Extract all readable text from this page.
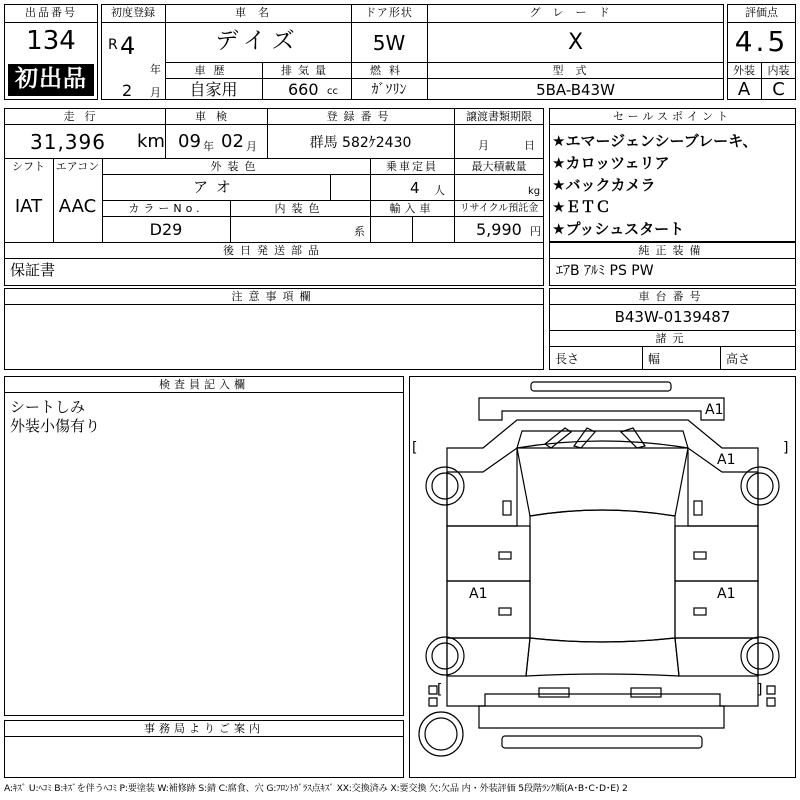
出品番号
134
初出品
初度登録
R 4
年
2 月
車名
デイズ
ドア形状
5W
グレード
X
車歴
自家用
排気量
660 cc
燃料
ｶﾞｿﾘﾝ
型式
5BA-B43W
評価点
4.5
外装	内装
A	C
走行
31,396 km
車検
09 年 02 月
登録番号
群馬 582ｹ2430
譲渡書類期限
月	日
シフト
IAT
エアコン
AAC
外装色
アオ
乗車定員
4 人
最大積載量
kg
カラーNo.
D29
内装色
系
輸入車	リサイクル預託金
5,990 円
後日発送部品
保証書
セールスポイント
★エマージェンシーブレーキ、
★カロッツェリア
★バックカメラ
★ＥＴＣ
★プッシュスタート
純正装備
ｴｱB ｱﾙﾐ PS PW
注意事項欄	車台番号
B43W-0139487
諸元
長さ	幅	高さ
検査員記入欄
シートしみ
外装小傷有り
事務局よりご案内
A1
A1
A1	A1
[	]
[	]
A:ｷｽﾞ U:ﾍｺﾐ B:ｷｽﾞを伴うﾍｺﾐ P:要塗装 W:補修跡 S:錆 C:腐食、穴 G:ﾌﾛﾝﾄｶﾞﾗｽ点ｷｽﾞ XX:交換済み X:要交換 欠:欠品 内・外装評価 5段階ﾗﾝｸ順(A･B･C･D･E) 2
